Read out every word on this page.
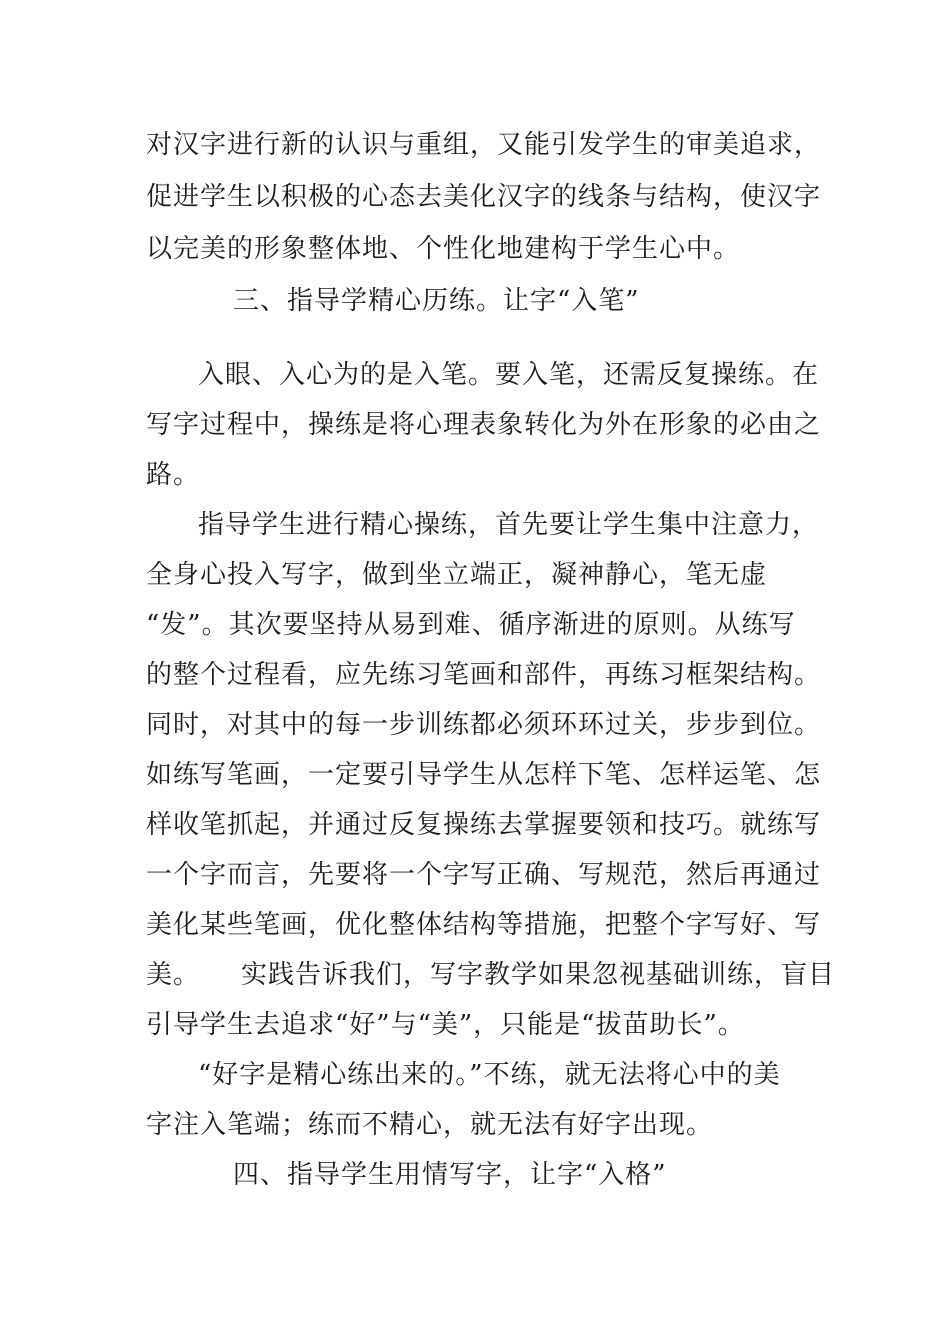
对汉字进行新的认识与重组，又能引发学生的审美追求，
促进学生以积极的心态去美化汉字的线条与结构，使汉字
以完美的形象整体地、个性化地建构于学生心中。
三、指导学精心历练。让字“入笔”
入眼、入心为的是入笔。要入笔，还需反复操练。在
写字过程中，操练是将心理表象转化为外在形象的必由之
路。
指导学生进行精心操练，首先要让学生集中注意力，
全身心投入写字，做到坐立端正，凝神静心，笔无虚
“发”。其次要坚持从易到难、循序渐进的原则。从练写
的整个过程看，应先练习笔画和部件，再练习框架结构。
同时，对其中的每一步训练都必须环环过关，步步到位。
如练写笔画，一定要引导学生从怎样下笔、怎样运笔、怎
样收笔抓起，并通过反复操练去掌握要领和技巧。就练写
一个字而言，先要将一个字写正确、写规范，然后再通过
美化某些笔画，优化整体结构等措施，把整个字写好、写
美。　　实践告诉我们，写字教学如果忽视基础训练，盲目
引导学生去追求“好”与“美”，只能是“拔苗助长”。
“好字是精心练出来的。”不练，就无法将心中的美
字注入笔端；练而不精心，就无法有好字出现。
四、指导学生用情写字，让字“入格”
